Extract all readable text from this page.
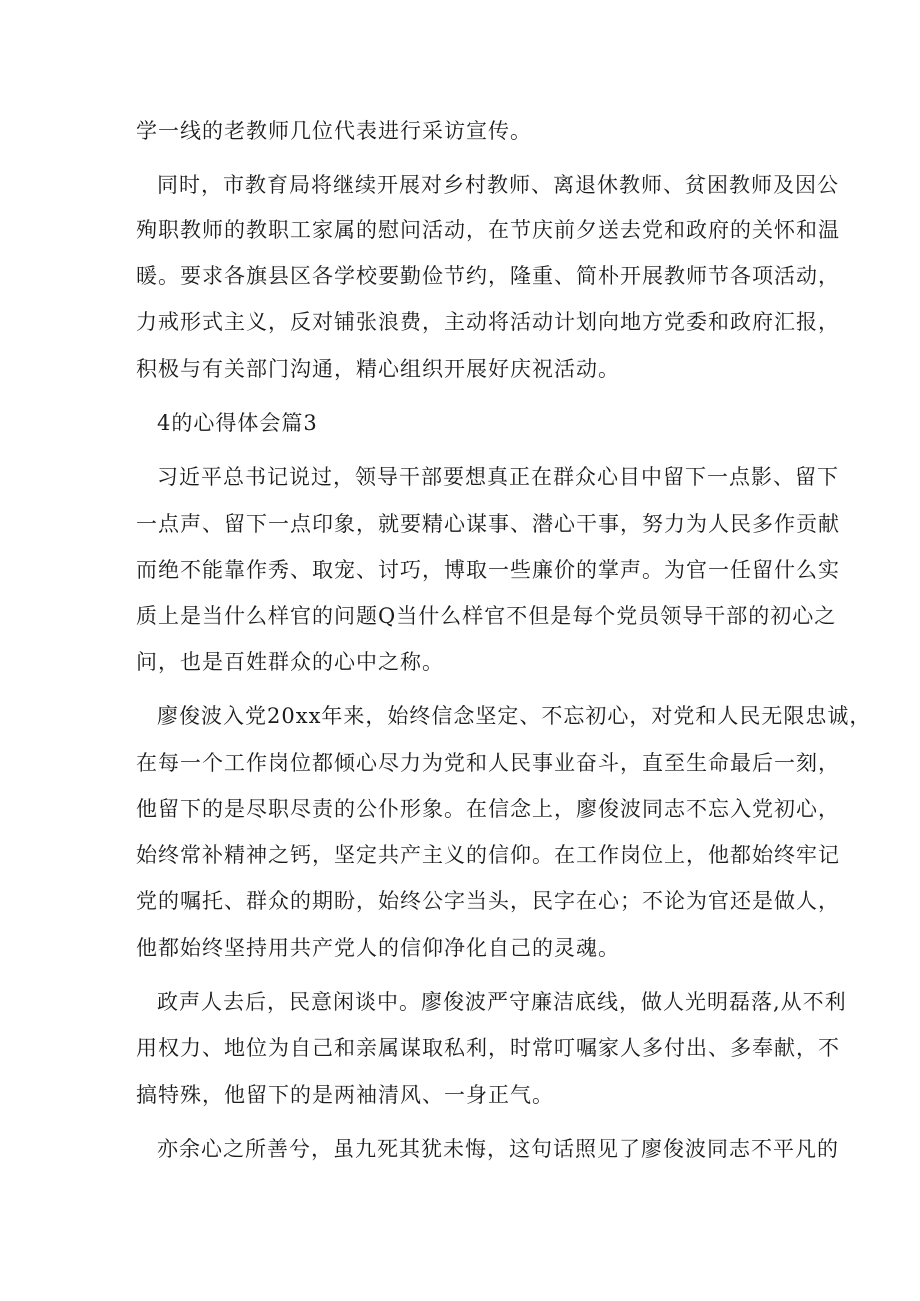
学一线的老教师几位代表进行采访宣传。
同时，市教育局将继续开展对乡村教师、离退休教师、贫困教师及因公
殉职教师的教职工家属的慰问活动，在节庆前夕送去党和政府的关怀和温
暖。要求各旗县区各学校要勤俭节约，隆重、简朴开展教师节各项活动，
力戒形式主义，反对铺张浪费，主动将活动计划向地方党委和政府汇报，
积极与有关部门沟通，精心组织开展好庆祝活动。
4的心得体会篇3
习近平总书记说过，领导干部要想真正在群众心目中留下一点影、留下
一点声、留下一点印象，就要精心谋事、潜心干事，努力为人民多作贡献
而绝不能靠作秀、取宠、讨巧，博取一些廉价的掌声。为官一任留什么实
质上是当什么样官的问题Q当什么样官不但是每个党员领导干部的初心之
问，也是百姓群众的心中之称。
廖俊波入党20xx年来，始终信念坚定、不忘初心，对党和人民无限忠诚，
在每一个工作岗位都倾心尽力为党和人民事业奋斗，直至生命最后一刻，
他留下的是尽职尽责的公仆形象。在信念上，廖俊波同志不忘入党初心，
始终常补精神之钙，坚定共产主义的信仰。在工作岗位上，他都始终牢记
党的嘱托、群众的期盼，始终公字当头，民字在心；不论为官还是做人，
他都始终坚持用共产党人的信仰净化自己的灵魂。
政声人去后，民意闲谈中。廖俊波严守廉洁底线，做人光明磊落,从不利
用权力、地位为自己和亲属谋取私利，时常叮嘱家人多付出、多奉献，不
搞特殊，他留下的是两袖清风、一身正气。
亦余心之所善兮，虽九死其犹未悔，这句话照见了廖俊波同志不平凡的
